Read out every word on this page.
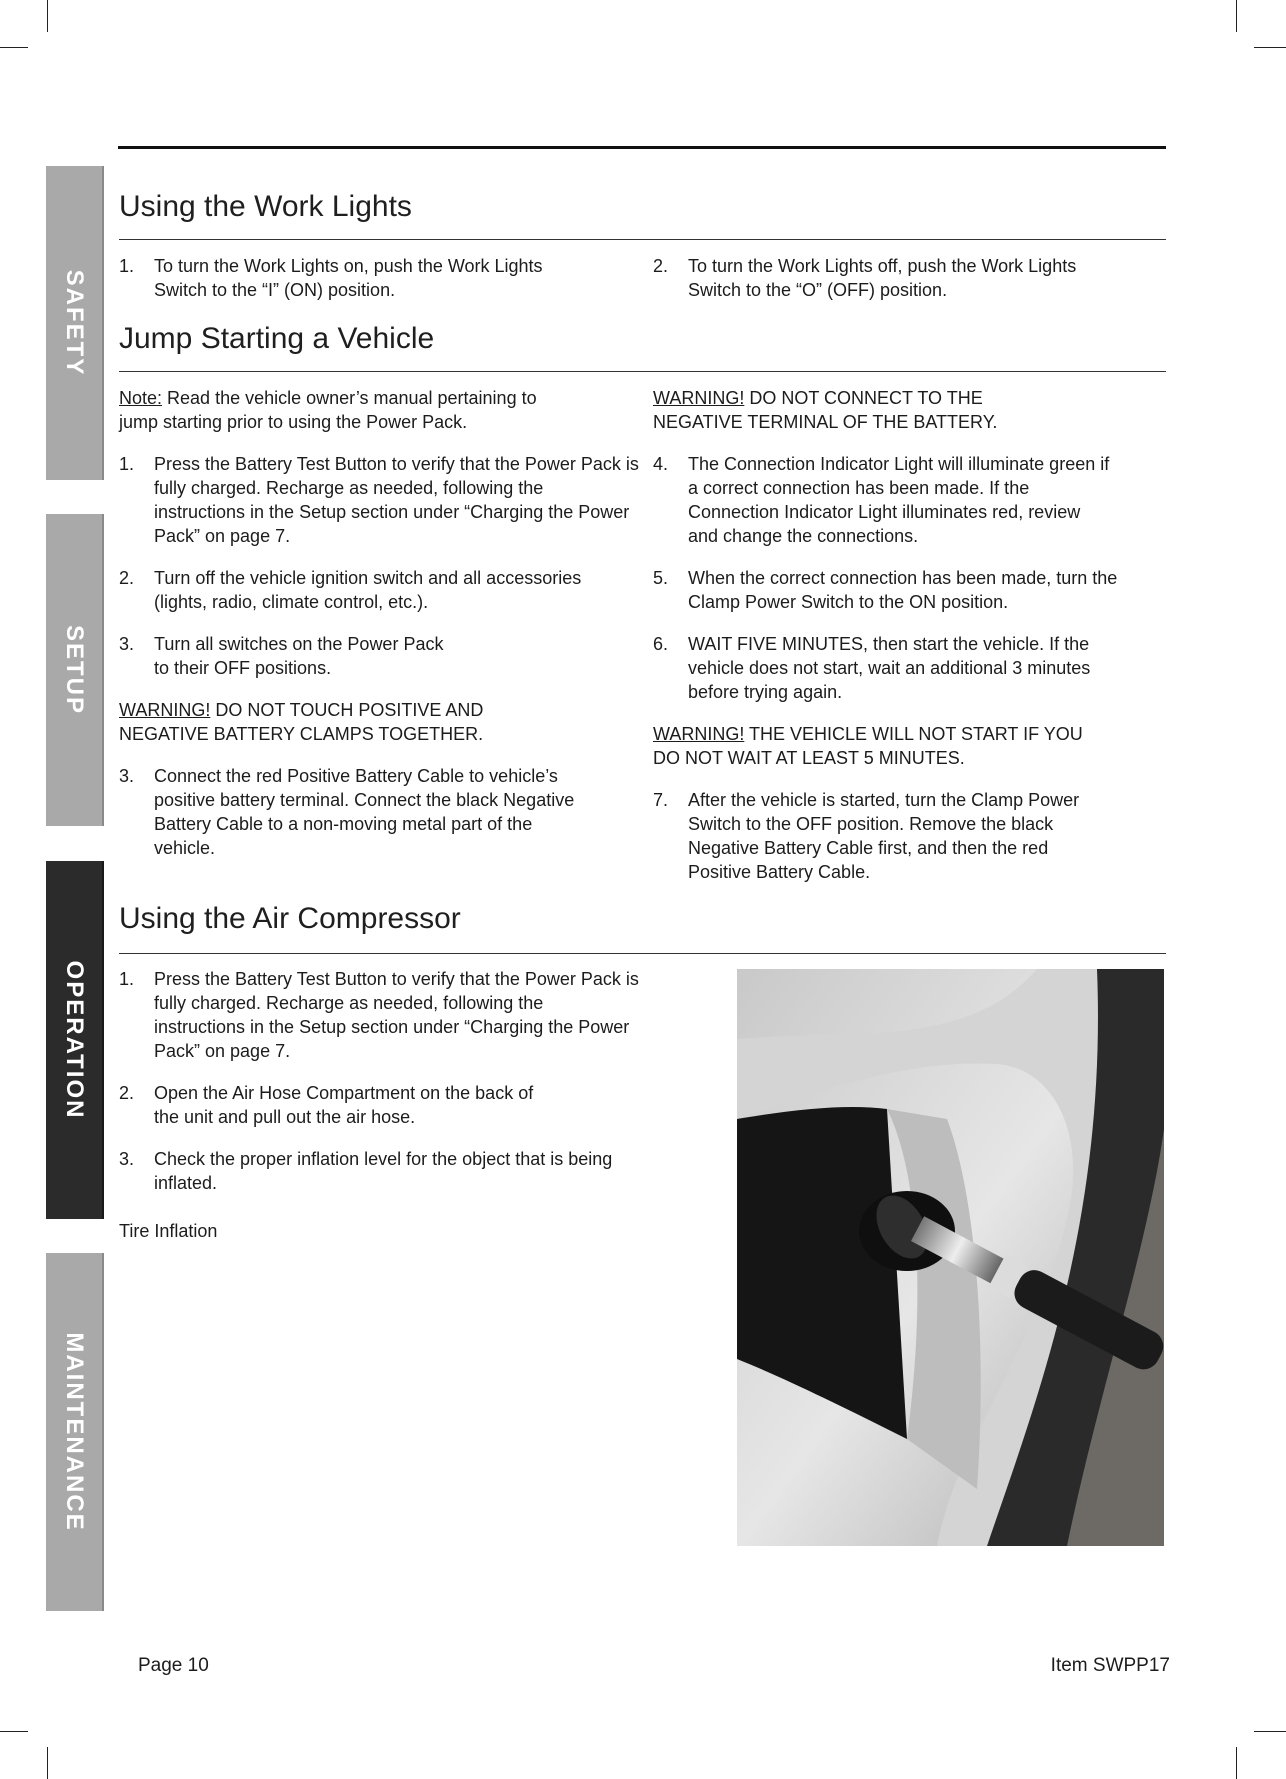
SAFETY
SETUP
OPERATION
MAINTENANCE
Using the Work Lights
1.	To turn the Work Lights on, push the Work Lights Switch to the “I” (ON) position.
2.	To turn the Work Lights off, push the Work Lights Switch to the “O” (OFF) position.
Jump Starting a Vehicle
Note: Read the vehicle owner’s manual pertaining to jump starting prior to using the Power Pack.
1.	Press the Battery Test Button to verify that the Power Pack is fully charged. Recharge as needed, following the instructions in the Setup section under “Charging the Power Pack” on page 7.
2.	Turn off the vehicle ignition switch and all accessories (lights, radio, climate control, etc.).
3.	Turn all switches on the Power Pack to their OFF positions.
WARNING! DO NOT TOUCH POSITIVE AND NEGATIVE BATTERY CLAMPS TOGETHER.
3.	Connect the red Positive Battery Cable to vehicle’s positive battery terminal. Connect the black Negative Battery Cable to a non-moving metal part of the vehicle.
WARNING! DO NOT CONNECT TO THE NEGATIVE TERMINAL OF THE BATTERY.
4.	The Connection Indicator Light will illuminate green if a correct connection has been made. If the Connection Indicator Light illuminates red, review and change the connections.
5.	When the correct connection has been made, turn the Clamp Power Switch to the ON position.
6.	WAIT FIVE MINUTES, then start the vehicle. If the vehicle does not start, wait an additional 3 minutes before trying again.
WARNING! THE VEHICLE WILL NOT START IF YOU DO NOT WAIT AT LEAST 5 MINUTES.
7.	After the vehicle is started, turn the Clamp Power Switch to the OFF position. Remove the black Negative Battery Cable first, and then the red Positive Battery Cable.
Using the Air Compressor
1.	Press the Battery Test Button to verify that the Power Pack is fully charged. Recharge as needed, following the instructions in the Setup section under “Charging the Power Pack” on page 7.
2.	Open the Air Hose Compartment on the back of the unit and pull out the air hose.
3.	Check the proper inflation level for the object that is being inflated.
Tire Inflation
Page 10	Item SWPP17
